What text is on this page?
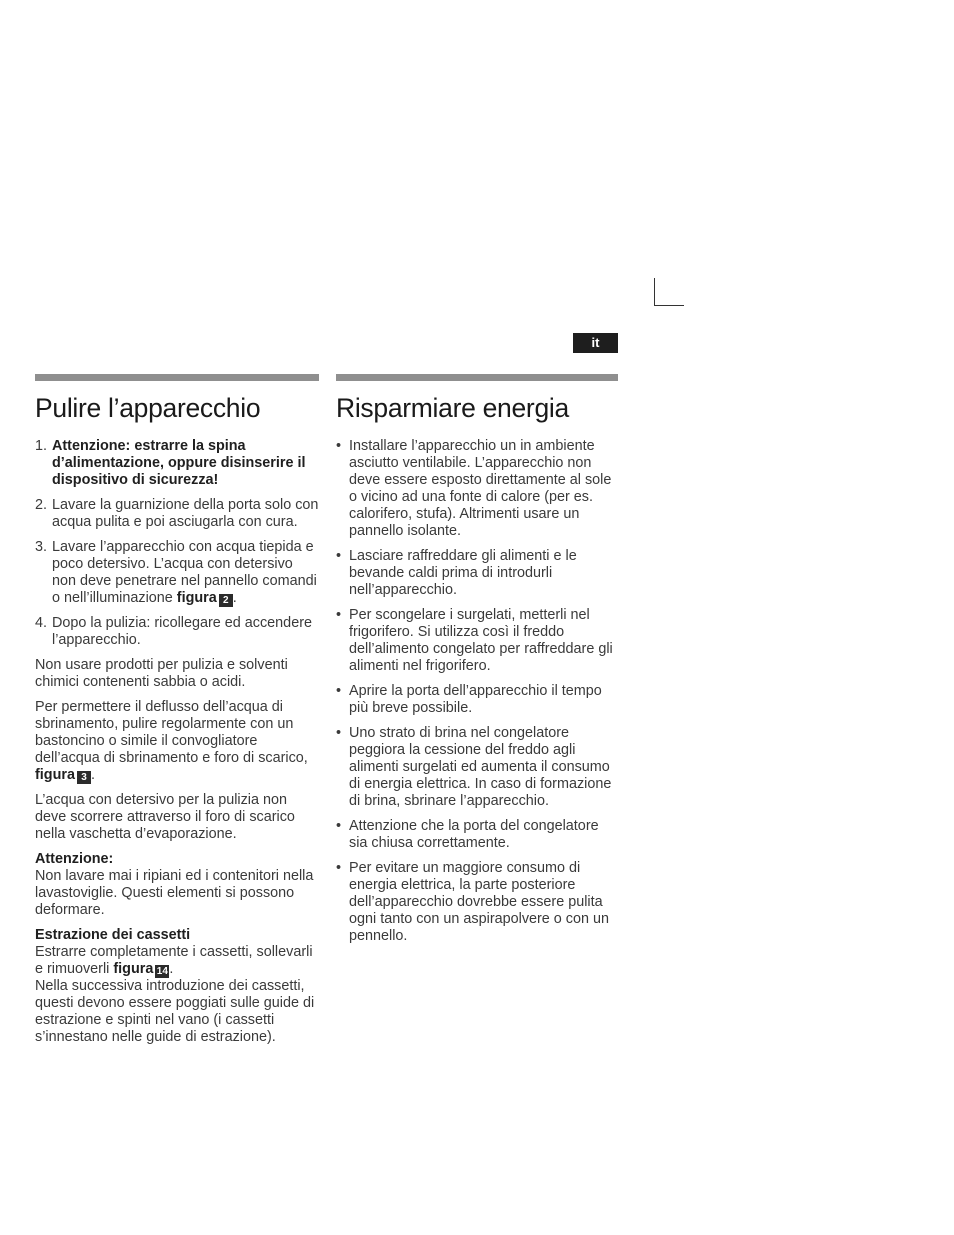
it
Pulire l’apparecchio
1. Attenzione: estrarre la spina d’alimentazione, oppure disinserire il dispositivo di sicurezza!
2. Lavare la guarnizione della porta solo con acqua pulita e poi asciugarla con cura.
3. Lavare l’apparecchio con acqua tiepida e poco detersivo. L’acqua con detersivo non deve penetrare nel pannello comandi o nell’illuminazione figura 2 .
4. Dopo la pulizia: ricollegare ed accendere l’apparecchio.

Non usare prodotti per pulizia e solventi chimici contenenti sabbia o acidi.

Per permettere il deflusso dell’acqua di sbrinamento, pulire regolarmente con un bastoncino o simile il convogliatore dell’acqua di sbrinamento e foro di scarico, figura 3 .

L’acqua con detersivo per la pulizia non deve scorrere attraverso il foro di scarico nella vaschetta d’evaporazione.

Attenzione:

Non lavare mai i ripiani ed i contenitori nella lavastoviglie. Questi elementi si possono deformare.

Estrazione dei cassetti

Estrarre completamente i cassetti, sollevarli e rimuoverli figura 14.

Nella successiva introduzione dei cassetti, questi devono essere poggiati sulle guide di estrazione e spinti nel vano (i cassetti s’innestano nelle guide di estrazione).

Risparmiare energia
• Installare l’apparecchio un in ambiente asciutto ventilabile. L’apparecchio non deve essere esposto direttamente al sole o vicino ad una fonte di calore (per es. calorifero, stufa). Altrimenti usare un pannello isolante.
• Lasciare raffreddare gli alimenti e le bevande caldi prima di introdurli nell’apparecchio.
• Per scongelare i surgelati, metterli nel frigorifero. Si utilizza così il freddo dell’alimento congelato per raffreddare gli alimenti nel frigorifero.
• Aprire la porta dell’apparecchio il tempo più breve possibile.
• Uno strato di brina nel congelatore peggiora la cessione del freddo agli alimenti surgelati ed aumenta il consumo di energia elettrica. In caso di formazione di brina, sbrinare l’apparecchio.
• Attenzione che la porta del congelatore sia chiusa correttamente.
• Per evitare un maggiore consumo di energia elettrica, la parte posteriore dell’apparecchio dovrebbe essere pulita ogni tanto con un aspirapolvere o con un pennello.
